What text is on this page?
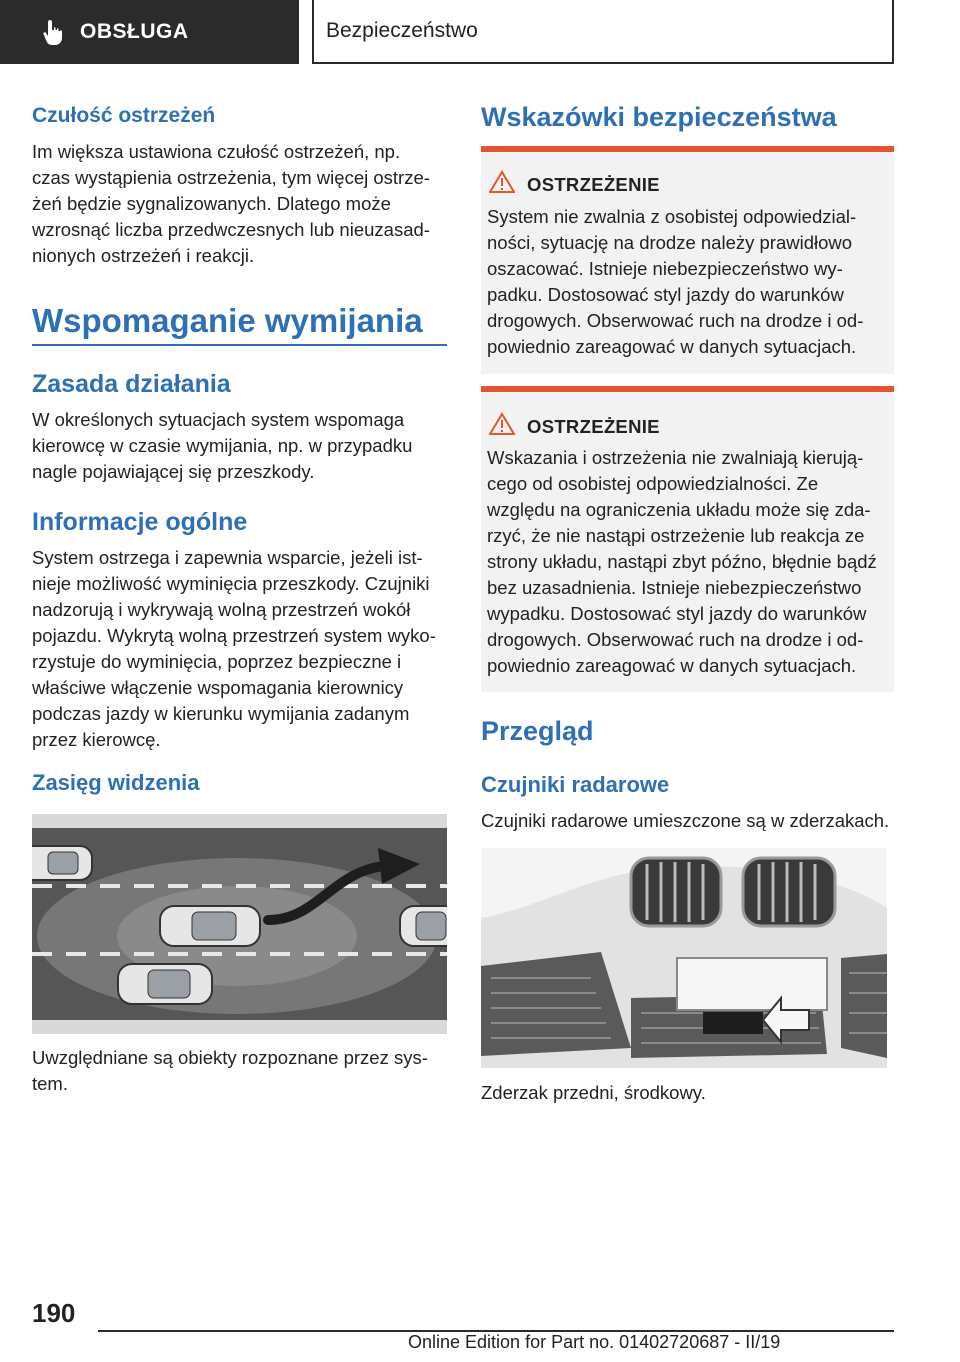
OBSŁUGA	Bezpieczeństwo
Czułość ostrzeżeń

Im większa ustawiona czułość ostrzeżeń, np.
czas wystąpienia ostrzeżenia, tym więcej ostrze-
żeń będzie sygnalizowanych. Dlatego może
wzrosnąć liczba przedwczesnych lub nieuzasad-
nionych ostrzeżeń i reakcji.

Wspomaganie wymijania
Zasada działania

W określonych sytuacjach system wspomaga
kierowcę w czasie wymijania, np. w przypadku
nagle pojawiającej się przeszkody.

Informacje ogólne

System ostrzega i zapewnia wsparcie, jeżeli ist-
nieje możliwość wyminięcia przeszkody. Czujniki
nadzorują i wykrywają wolną przestrzeń wokół
pojazdu. Wykrytą wolną przestrzeń system wyko-
rzystuje do wyminięcia, poprzez bezpieczne i
właściwe włączenie wspomagania kierownicy
podczas jazdy w kierunku wymijania zadanym
przez kierowcę.

Zasięg widzenia

Uwzględniane są obiekty rozpoznane przez sys-
tem.

Wskazówki bezpieczeństwa
OSTRZEŻENIE

System nie zwalnia z osobistej odpowiedzial-
ności, sytuację na drodze należy prawidłowo
oszacować. Istnieje niebezpieczeństwo wy-
padku. Dostosować styl jazdy do warunków
drogowych. Obserwować ruch na drodze i od-
powiednio zareagować w danych sytuacjach.

OSTRZEŻENIE

Wskazania i ostrzeżenia nie zwalniają kierują-
cego od osobistej odpowiedzialności. Ze
względu na ograniczenia układu może się zda-
rzyć, że nie nastąpi ostrzeżenie lub reakcja ze
strony układu, nastąpi zbyt późno, błędnie bądź
bez uzasadnienia. Istnieje niebezpieczeństwo
wypadku. Dostosować styl jazdy do warunków
drogowych. Obserwować ruch na drodze i od-
powiednio zareagować w danych sytuacjach.

Przegląd
Czujniki radarowe

Czujniki radarowe umieszczone są w zderzakach.

Zderzak przedni, środkowy.

190
Online Edition for Part no. 01402720687 - II/19
